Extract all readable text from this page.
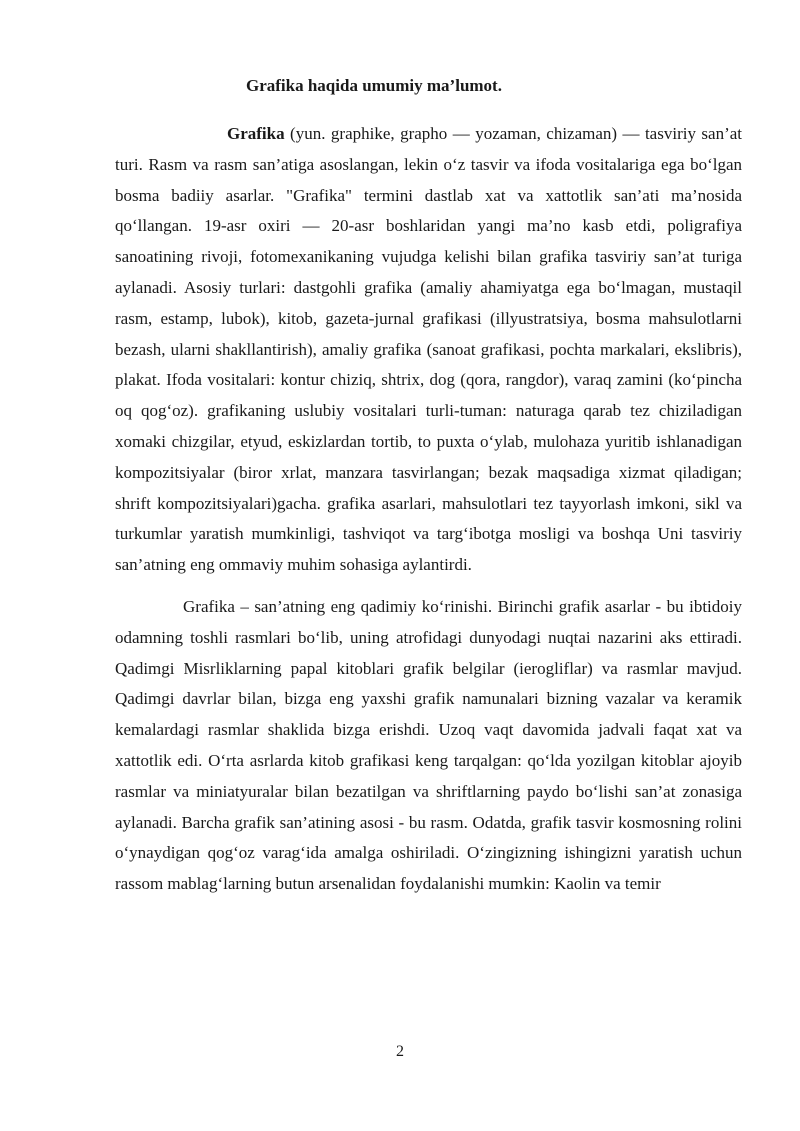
Grafika haqida umumiy ma’lumot.

Grafika (yun. graphike, grapho — yozaman, chizaman) — tasviriy san’at turi. Rasm va rasm san’atiga asoslangan, lekin o‘z tasvir va ifoda vositalariga ega bo‘lgan bosma badiiy asarlar. "Grafika" termini dastlab xat va xattotlik san’ati ma’nosida qo‘llangan. 19-asr oxiri — 20-asr boshlaridan yangi ma’no kasb etdi, poligrafiya sanoatining rivoji, fotomexanikaning vujudga kelishi bilan grafika tasviriy san’at turiga aylanadi. Asosiy turlari: dastgohli grafika (amaliy ahamiyatga ega bo‘lmagan, mustaqil rasm, estamp, lubok), kitob, gazeta-jurnal grafikasi (illyustratsiya, bosma mahsulotlarni bezash, ularni shakllantirish), amaliy grafika (sanoat grafikasi, pochta markalari, ekslibris), plakat. Ifoda vositalari: kontur chiziq, shtrix, dog (qora, rangdor), varaq zamini (ko‘pincha oq qog‘oz). grafikaning uslubiy vositalari turli-tuman: naturaga qarab tez chiziladigan xomaki chizgilar, etyud, eskizlardan tortib, to puxta o‘ylab, mulohaza yuritib ishlanadigan kompozitsiyalar (biror xrlat, manzara tasvirlangan; bezak maqsadiga xizmat qiladigan; shrift kompozitsiyalari)gacha. grafika asarlari, mahsulotlari tez tayyorlash imkoni, sikl va turkumlar yaratish mumkinligi, tashviqot va targ‘ibotga mosligi va boshqa Uni tasviriy san’atning eng ommaviy muhim sohasiga aylantirdi.

Grafika – san’atning eng qadimiy ko‘rinishi. Birinchi grafik asarlar - bu ibtidoiy odamning toshli rasmlari bo‘lib, uning atrofidagi dunyodagi nuqtai nazarini aks ettiradi. Qadimgi Misrliklarning papal kitoblari grafik belgilar (ierogliflar) va rasmlar mavjud. Qadimgi davrlar bilan, bizga eng yaxshi grafik namunalari bizning vazalar va keramik kemalardagi rasmlar shaklida bizga erishdi. Uzoq vaqt davomida jadvali faqat xat va xattotlik edi. O‘rta asrlarda kitob grafikasi keng tarqalgan: qo‘lda yozilgan kitoblar ajoyib rasmlar va miniatyuralar bilan bezatilgan va shriftlarning paydo bo‘lishi san’at zonasiga aylanadi. Barcha grafik san’atining asosi - bu rasm. Odatda, grafik tasvir kosmosning rolini o‘ynaydigan qog‘oz varag‘ida amalga oshiriladi. O‘zingizning ishingizni yaratish uchun rassom mablag‘larning butun arsenalidan foydalanishi mumkin: Kaolin va temir

2
